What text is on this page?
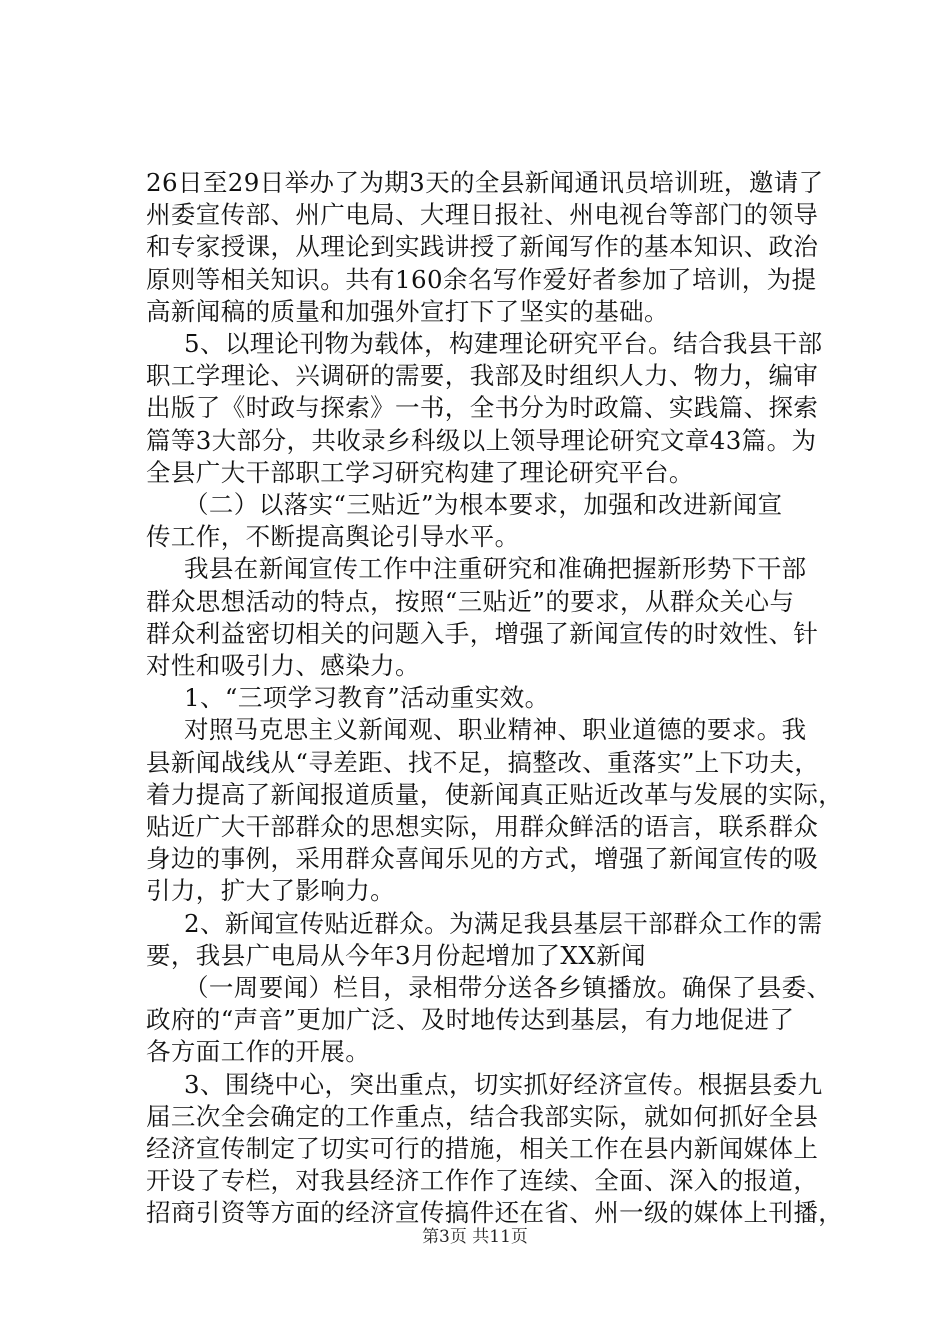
26日至29日举办了为期3天的全县新闻通讯员培训班，邀请了
州委宣传部、州广电局、大理日报社、州电视台等部门的领导
和专家授课，从理论到实践讲授了新闻写作的基本知识、政治
原则等相关知识。共有160余名写作爱好者参加了培训，为提
高新闻稿的质量和加强外宣打下了坚实的基础。
5、以理论刊物为载体，构建理论研究平台。结合我县干部
职工学理论、兴调研的需要，我部及时组织人力、物力，编审
出版了《时政与探索》一书，全书分为时政篇、实践篇、探索
篇等3大部分，共收录乡科级以上领导理论研究文章43篇。为
全县广大干部职工学习研究构建了理论研究平台。
（二）以落实“三贴近”为根本要求，加强和改进新闻宣
传工作，不断提高舆论引导水平。
我县在新闻宣传工作中注重研究和准确把握新形势下干部
群众思想活动的特点，按照“三贴近”的要求，从群众关心与
群众利益密切相关的问题入手，增强了新闻宣传的时效性、针
对性和吸引力、感染力。
1、“三项学习教育”活动重实效。
对照马克思主义新闻观、职业精神、职业道德的要求。我
县新闻战线从“寻差距、找不足，搞整改、重落实”上下功夫，
着力提高了新闻报道质量，使新闻真正贴近改革与发展的实际，
贴近广大干部群众的思想实际，用群众鲜活的语言，联系群众
身边的事例，采用群众喜闻乐见的方式，增强了新闻宣传的吸
引力，扩大了影响力。
2、新闻宣传贴近群众。为满足我县基层干部群众工作的需
要，我县广电局从今年3月份起增加了XX新闻
（一周要闻）栏目，录相带分送各乡镇播放。确保了县委、
政府的“声音”更加广泛、及时地传达到基层，有力地促进了
各方面工作的开展。
3、围绕中心，突出重点，切实抓好经济宣传。根据县委九
届三次全会确定的工作重点，结合我部实际，就如何抓好全县
经济宣传制定了切实可行的措施，相关工作在县内新闻媒体上
开设了专栏，对我县经济工作作了连续、全面、深入的报道，
招商引资等方面的经济宣传搞件还在省、州一级的媒体上刊播，
第3页 共11页
